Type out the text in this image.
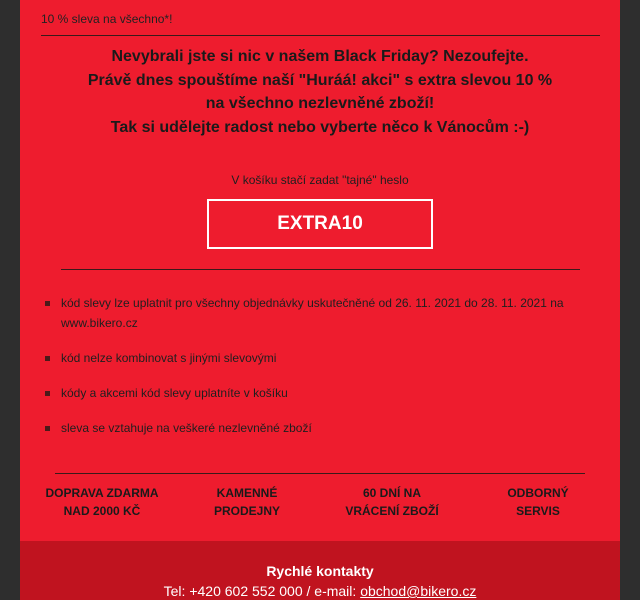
10 % sleva na všechno*!
Nevybrali jste si nic v našem Black Friday? Nezoufejte.
Právě dnes spouštíme naší "Huráá! akci" s extra slevou 10 %
na všechno nezlevněné zboží!
Tak si udělejte radost nebo vyberte něco k Vánocům :-)
V košíku stačí zadat "tajné" heslo
EXTRA10
kód slevy lze uplatnit pro všechny objednávky uskutečněné od 26. 11. 2021 do 28. 11. 2021 na www.bikero.cz
kód nelze kombinovat s jinými slevovými
kódy a akcemi kód slevy uplatníte v košíku
sleva se vztahuje na veškeré nezlevněné zboží
DOPRAVA ZDARMA
NAD 2000 KČ
KAMENNÉ
PRODEJNY
60 DNÍ NA
VRÁCENÍ ZBOŽÍ
ODBORNÝ
SERVIS
Rychlé kontakty
Tel: +420 602 552 000 / e-mail: obchod@bikero.cz
